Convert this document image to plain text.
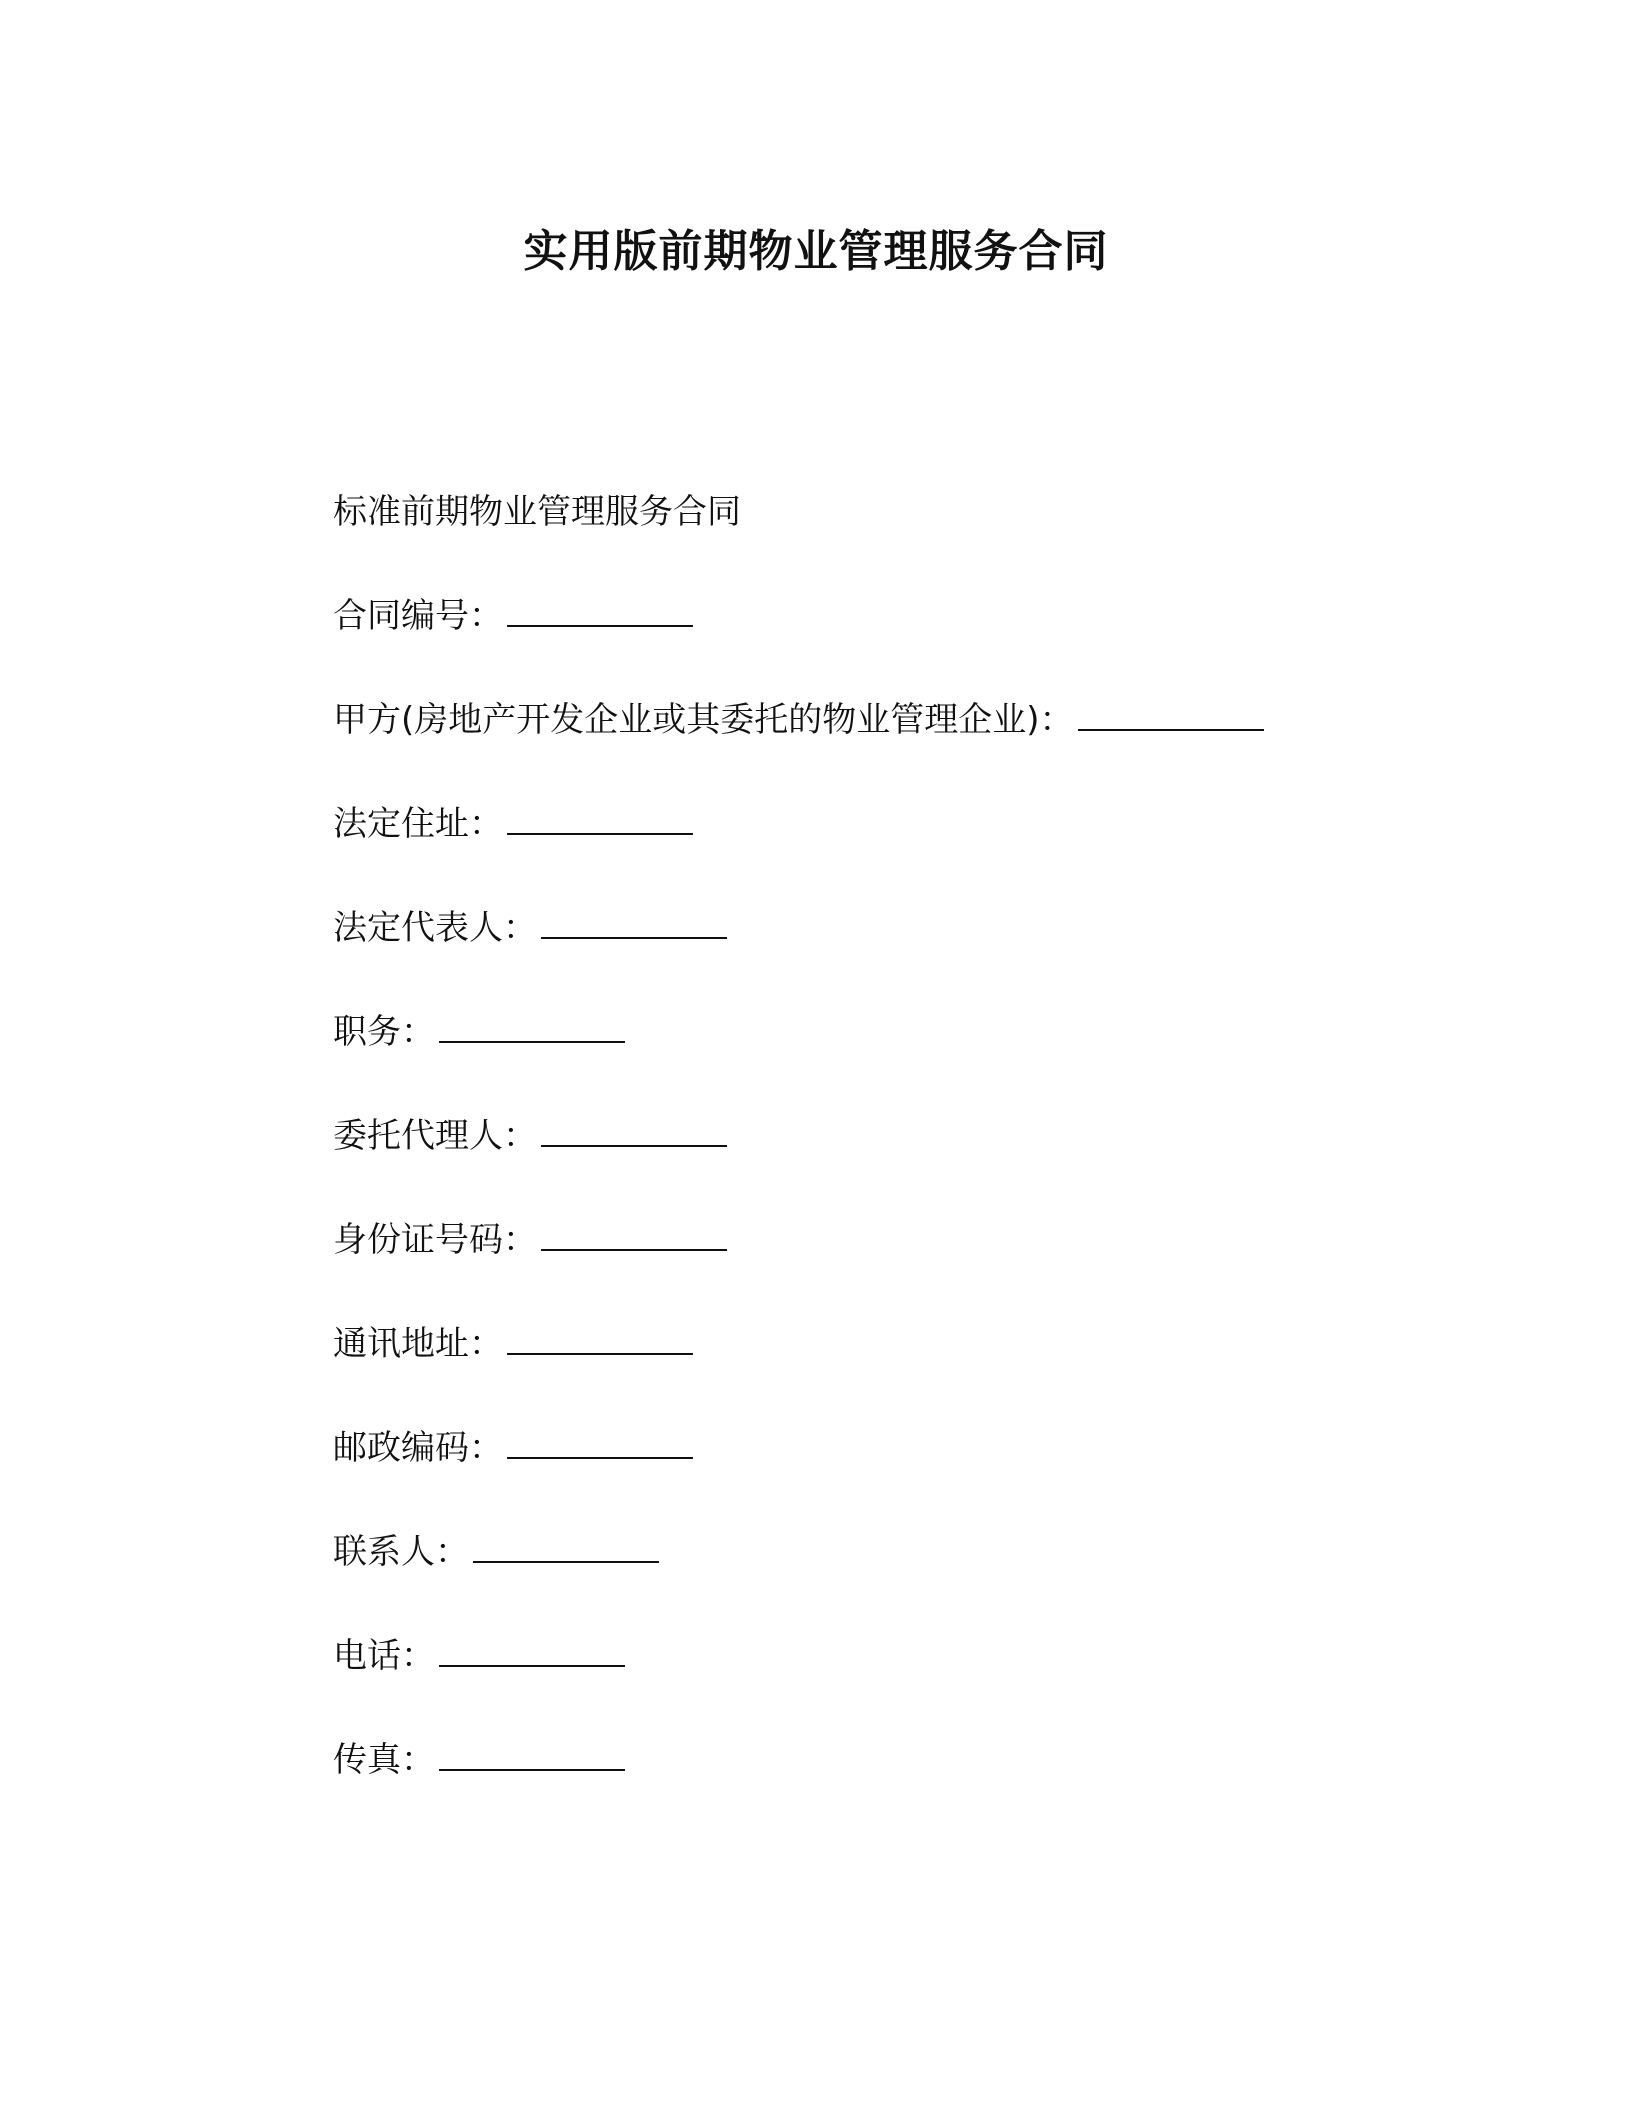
实用版前期物业管理服务合同
标准前期物业管理服务合同
合同编号：
甲方(房地产开发企业或其委托的物业管理企业)：
法定住址：
法定代表人：
职务：
委托代理人：
身份证号码：
通讯地址：
邮政编码：
联系人：
电话：
传真：
